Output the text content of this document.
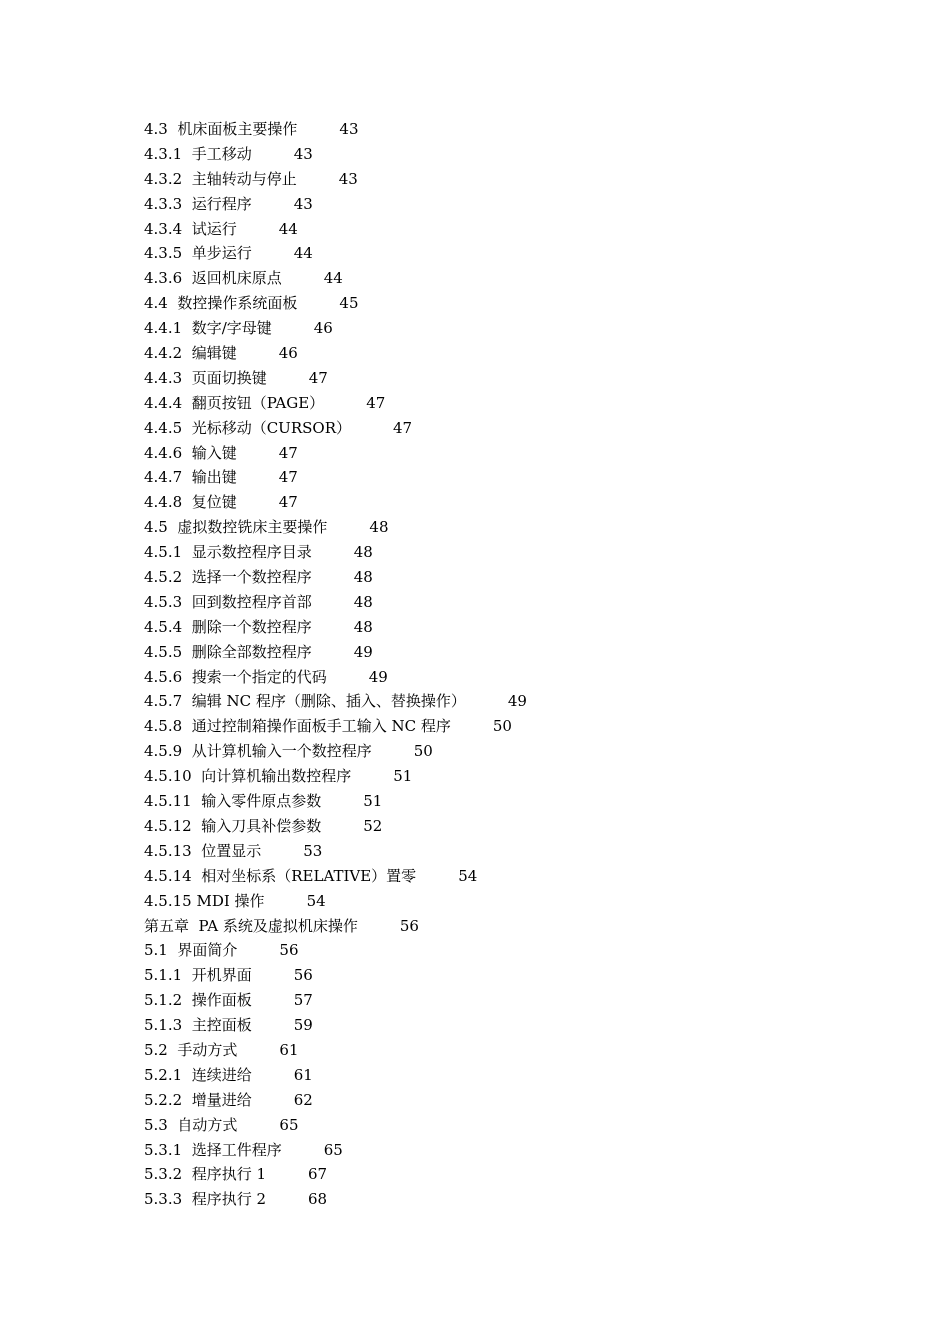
4.3  机床面板主要操作	43
4.3.1  手工移动	43
4.3.2  主轴转动与停止	43
4.3.3  运行程序	43
4.3.4  试运行	44
4.3.5  单步运行	44
4.3.6  返回机床原点	44
4.4  数控操作系统面板	45
4.4.1  数字/字母键	46
4.4.2  编辑键	46
4.4.3  页面切换键	47
4.4.4  翻页按钮（PAGE）	47
4.4.5  光标移动（CURSOR）	47
4.4.6  输入键	47
4.4.7  输出键	47
4.4.8  复位键	47
4.5  虚拟数控铣床主要操作	48
4.5.1  显示数控程序目录	48
4.5.2  选择一个数控程序	48
4.5.3  回到数控程序首部	48
4.5.4  删除一个数控程序	48
4.5.5  删除全部数控程序	49
4.5.6  搜索一个指定的代码	49
4.5.7  编辑 NC 程序（删除、插入、替换操作）	49
4.5.8  通过控制箱操作面板手工输入 NC 程序	50
4.5.9  从计算机输入一个数控程序	50
4.5.10  向计算机输出数控程序	51
4.5.11  输入零件原点参数	51
4.5.12  输入刀具补偿参数	52
4.5.13  位置显示	53
4.5.14  相对坐标系（RELATIVE）置零	54
4.5.15 MDI 操作	54
第五章  PA 系统及虚拟机床操作	56
5.1  界面简介	56
5.1.1  开机界面	56
5.1.2  操作面板	57
5.1.3  主控面板	59
5.2  手动方式	61
5.2.1  连续进给	61
5.2.2  增量进给	62
5.3  自动方式	65
5.3.1  选择工件程序	65
5.3.2  程序执行 1	67
5.3.3  程序执行 2	68
